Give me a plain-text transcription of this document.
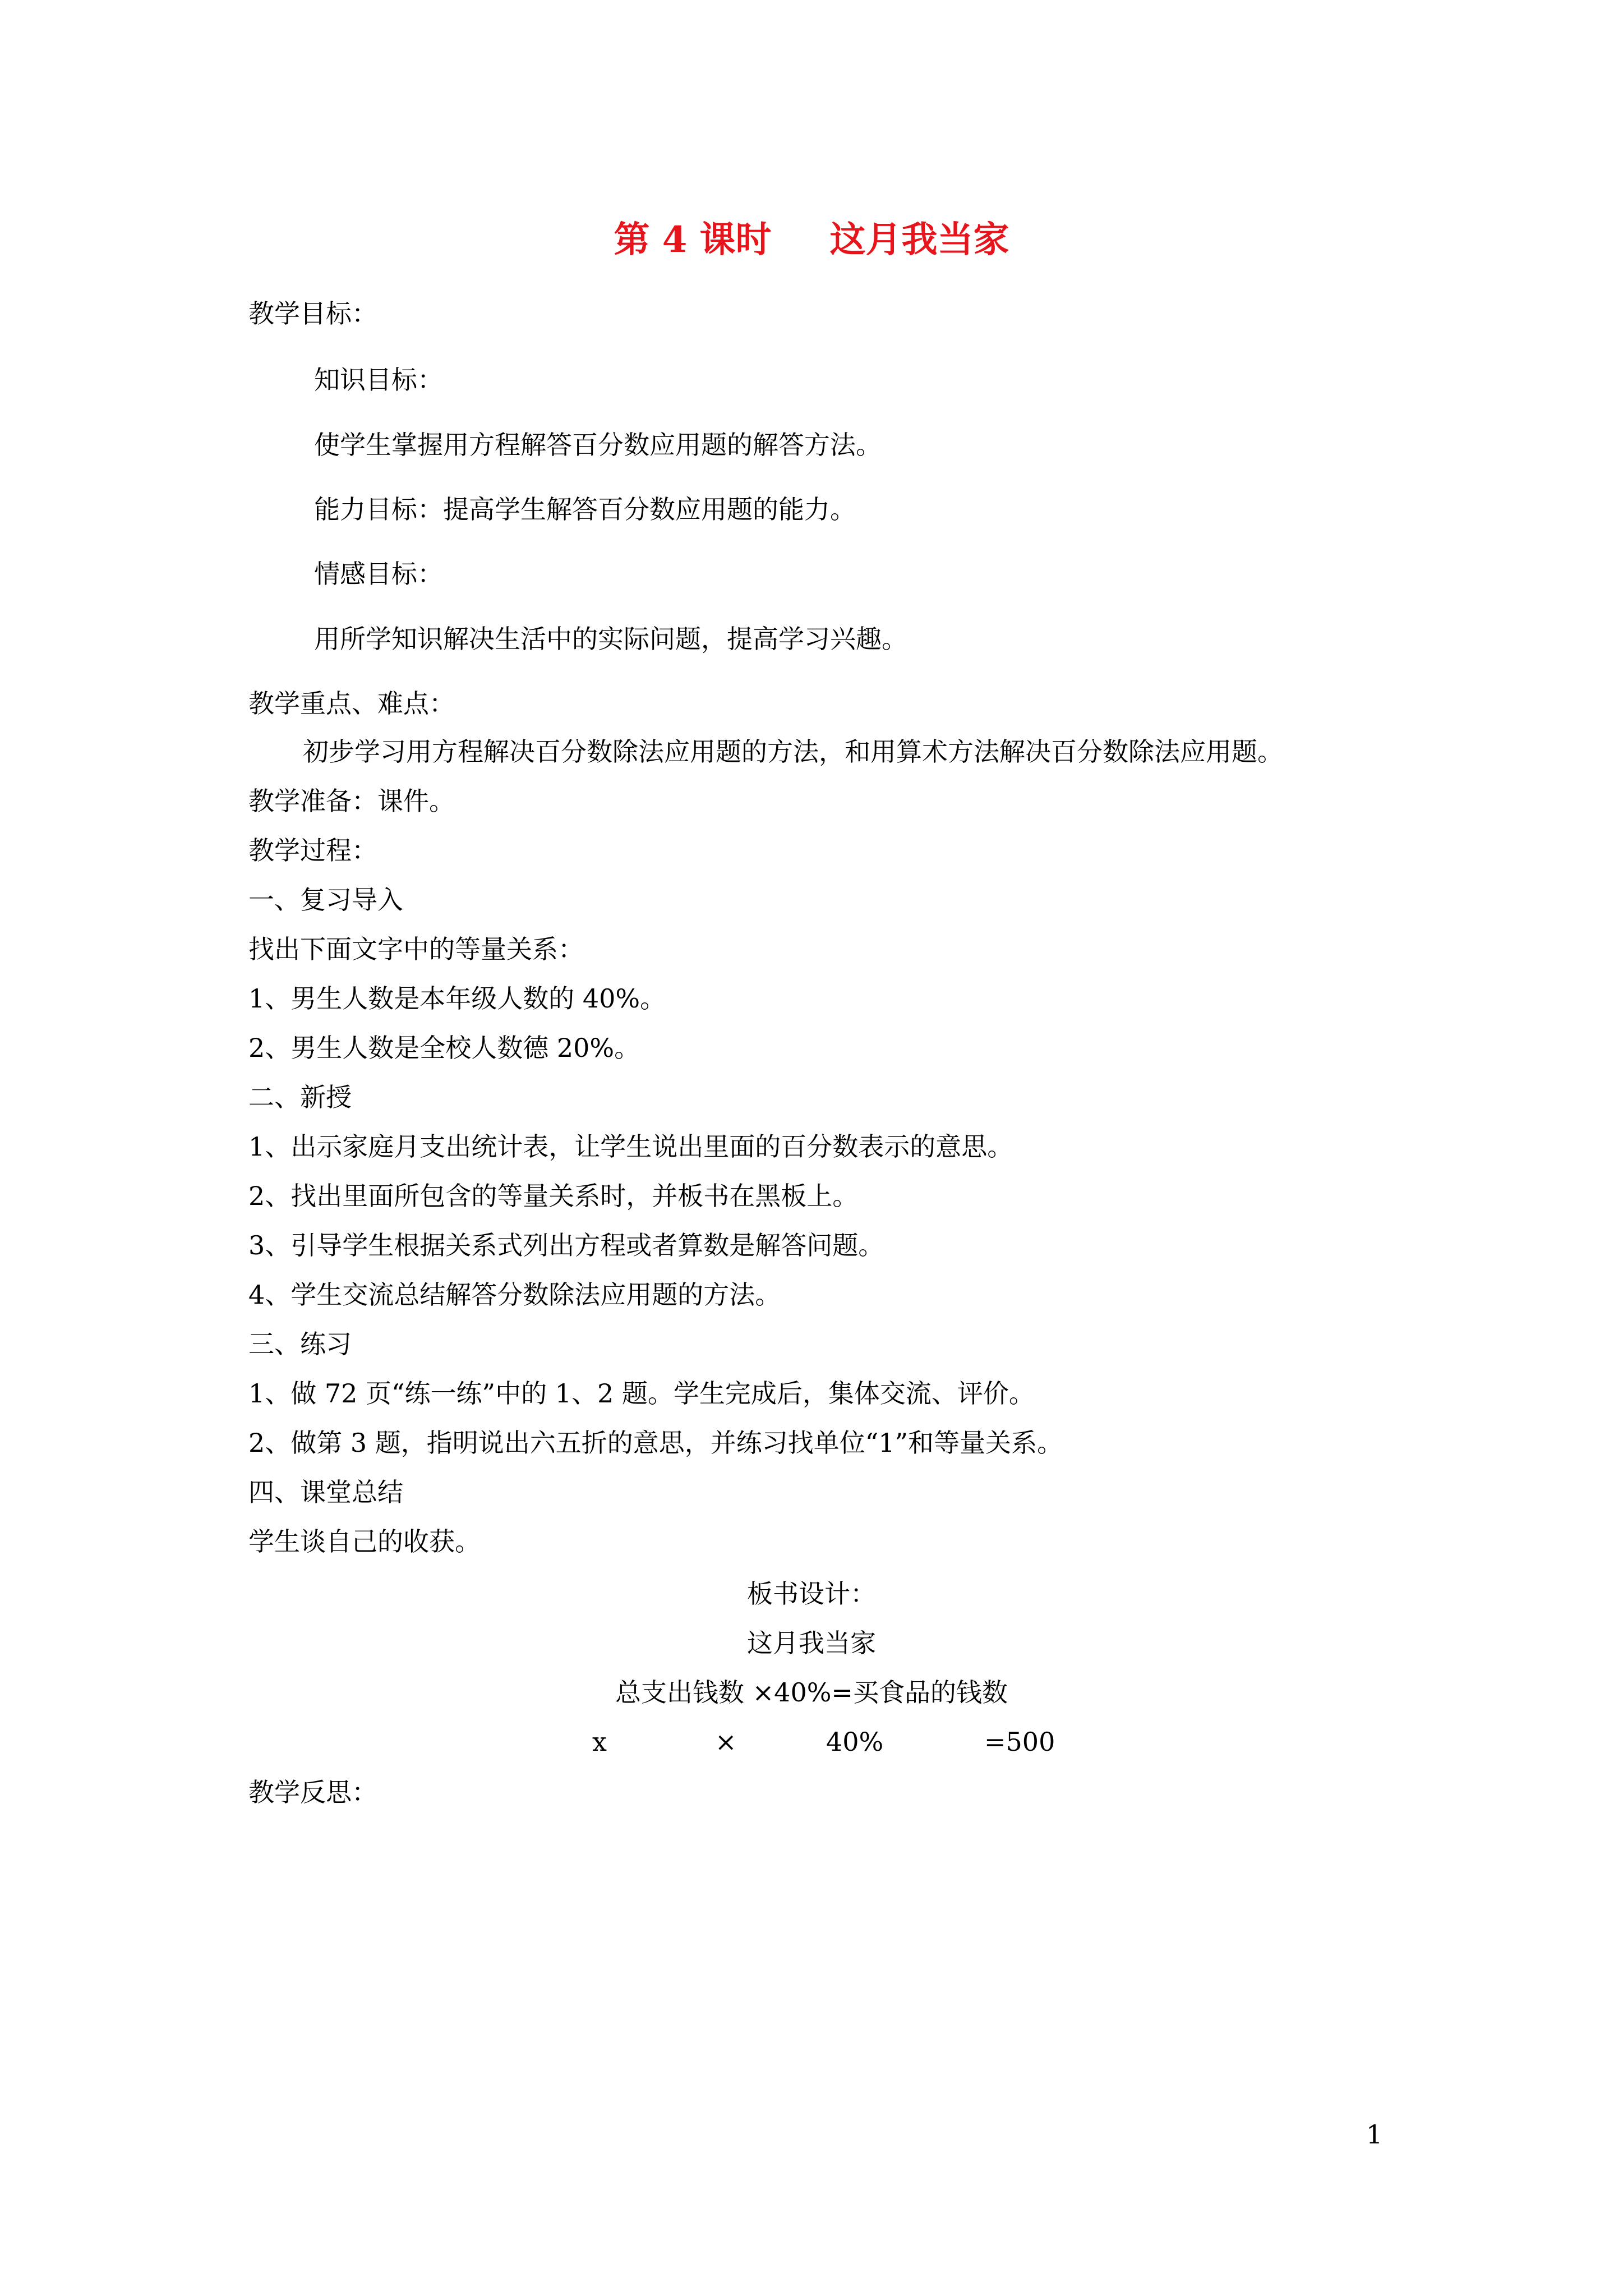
第 4 课时 这月我当家
教学目标：
知识目标：
使学生掌握用方程解答百分数应用题的解答方法。
能力目标：提高学生解答百分数应用题的能力。
情感目标：
用所学知识解决生活中的实际问题，提高学习兴趣。
教学重点、难点：
初步学习用方程解决百分数除法应用题的方法，和用算术方法解决百分数除法应用题。
教学准备：课件。
教学过程：
一、复习导入
找出下面文字中的等量关系：
1、男生人数是本年级人数的 40%。
2、男生人数是全校人数德 20%。
二、新授
1、出示家庭月支出统计表，让学生说出里面的百分数表示的意思。
2、找出里面所包含的等量关系时，并板书在黑板上。
3、引导学生根据关系式列出方程或者算数是解答问题。
4、学生交流总结解答分数除法应用题的方法。
三、练习
1、做 72 页“练一练”中的 1、2 题。学生完成后，集体交流、评价。
2、做第 3 题，指明说出六五折的意思，并练习找单位“1”和等量关系。
四、课堂总结
学生谈自己的收获。
板书设计：
这月我当家
总支出钱数 ×40%=买食品的钱数
x	×	40%	=500
教学反思：
1
